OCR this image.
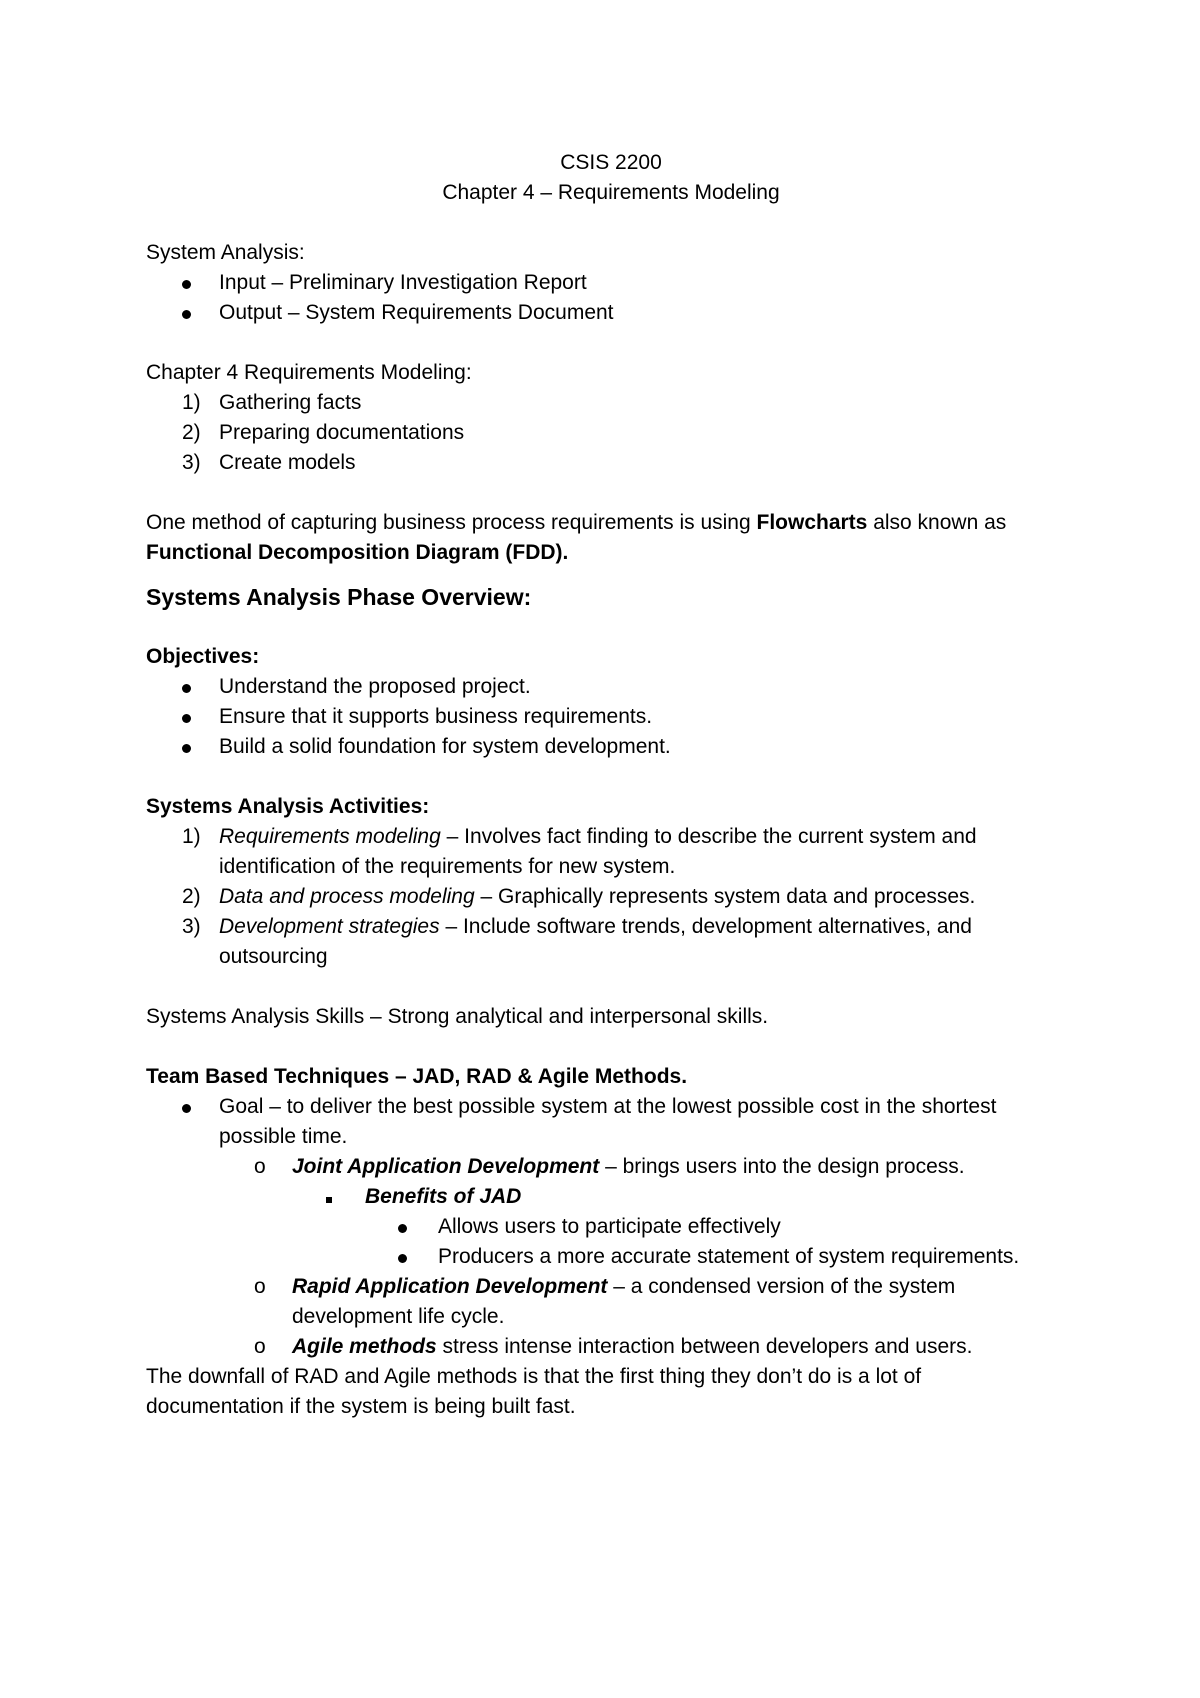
CSIS 2200
Chapter 4 – Requirements Modeling
System Analysis:
Input – Preliminary Investigation Report
Output – System Requirements Document
Chapter 4 Requirements Modeling:
1) Gathering facts
2) Preparing documentations
3) Create models
One method of capturing business process requirements is using Flowcharts also known as
Functional Decomposition Diagram (FDD).
Systems Analysis Phase Overview:
Objectives:
Understand the proposed project.
Ensure that it supports business requirements.
Build a solid foundation for system development.
Systems Analysis Activities:
1) Requirements modeling – Involves fact finding to describe the current system and
identification of the requirements for new system.
2) Data and process modeling – Graphically represents system data and processes.
3) Development strategies – Include software trends, development alternatives, and
outsourcing
Systems Analysis Skills – Strong analytical and interpersonal skills.
Team Based Techniques – JAD, RAD & Agile Methods.
Goal – to deliver the best possible system at the lowest possible cost in the shortest
possible time.
o Joint Application Development – brings users into the design process.
Benefits of JAD
Allows users to participate effectively
Producers a more accurate statement of system requirements.
o Rapid Application Development – a condensed version of the system
development life cycle.
o Agile methods stress intense interaction between developers and users.
The downfall of RAD and Agile methods is that the first thing they don’t do is a lot of
documentation if the system is being built fast.
